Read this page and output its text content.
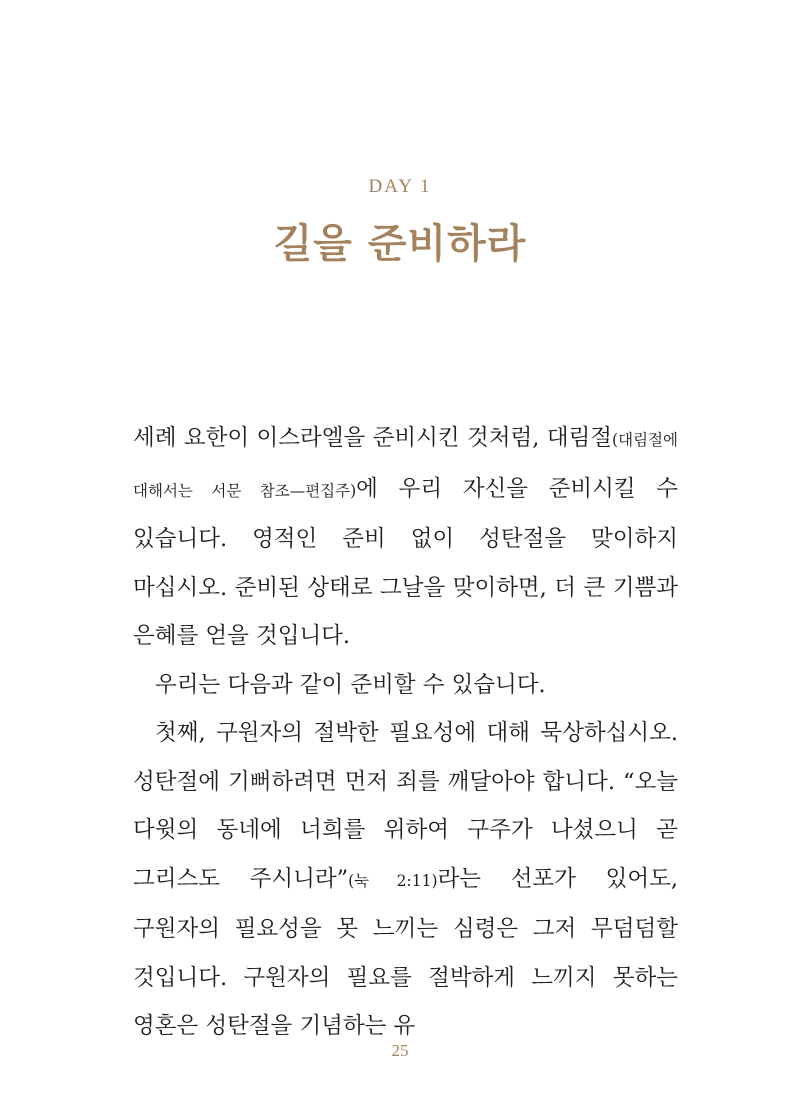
DAY 1
길을 준비하라

세례 요한이 이스라엘을 준비시킨 것처럼, 대림절(대림절에 대해서는 서문 참조—편집주)에 우리 자신을 준비시킬 수 있습니다. 영적인 준비 없이 성탄절을 맞이하지 마십시오. 준비된 상태로 그날을 맞이하면, 더 큰 기쁨과 은혜를 얻을 것입니다.

우리는 다음과 같이 준비할 수 있습니다.

첫째, 구원자의 절박한 필요성에 대해 묵상하십시오. 성탄절에 기뻐하려면 먼저 죄를 깨달아야 합니다. “오늘 다윗의 동네에 너희를 위하여 구주가 나셨으니 곧 그리스도 주시니라”(눅 2:11)라는 선포가 있어도, 구원자의 필요성을 못 느끼는 심령은 그저 무덤덤할 것입니다. 구원자의 필요를 절박하게 느끼지 못하는 영혼은 성탄절을 기념하는 유

25
